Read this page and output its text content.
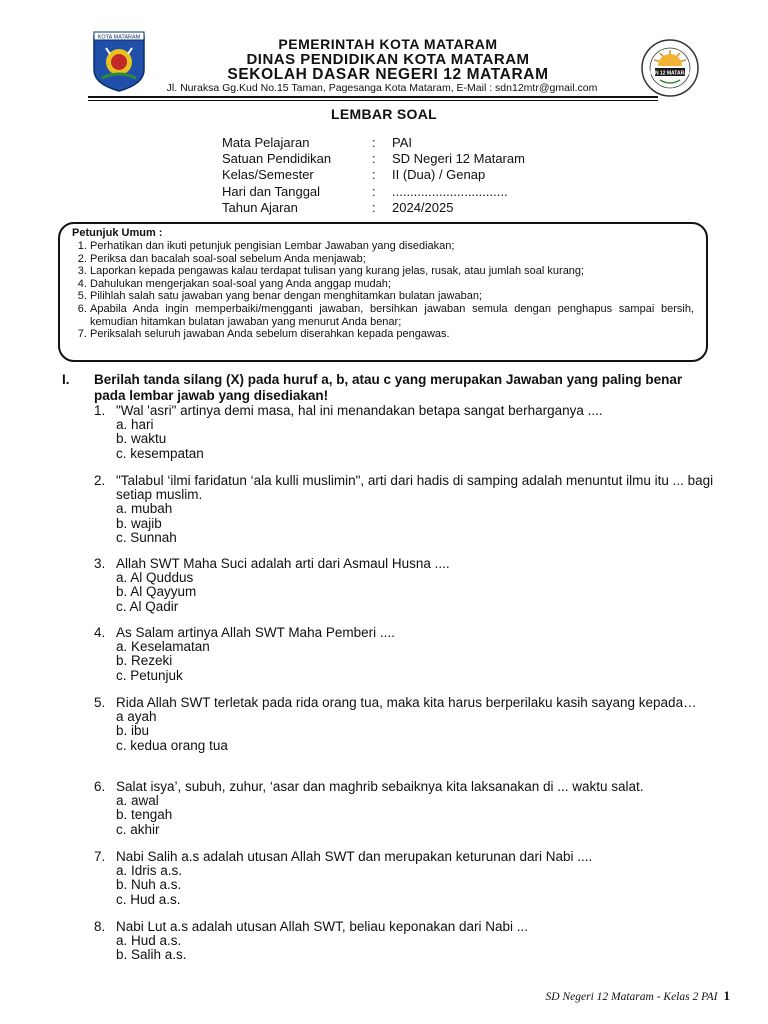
KOTA MATARAM	PEMERINTAH KOTA MATARAM
DINAS PENDIDIKAN KOTA MATARAM
SEKOLAH DASAR NEGERI 12 MATARAM
Jl. Nuraksa Gg.Kud No.15 Taman, Pagesanga Kota Mataram, E-Mail : sdn12mtr@gmail.com
SDN 12 MATARAM
LEMBAR SOAL
Mata Pelajaran	: PAI
Satuan Pendidikan	: SD Negeri 12 Mataram
Kelas/Semester	: II (Dua) / Genap
Hari dan Tanggal	: ................................
Tahun Ajaran	: 2024/2025
Petunjuk Umum :
1. Perhatikan dan ikuti petunjuk pengisian Lembar Jawaban yang disediakan;
2. Periksa dan bacalah soal-soal sebelum Anda menjawab;
3. Laporkan kepada pengawas kalau terdapat tulisan yang kurang jelas, rusak, atau jumlah soal kurang;
4. Dahulukan mengerjakan soal-soal yang Anda anggap mudah;
5. Pilihlah salah satu jawaban yang benar dengan menghitamkan bulatan jawaban;
6. Apabila Anda ingin memperbaiki/mengganti jawaban, bersihkan jawaban semula dengan penghapus sampai bersih, kemudian hitamkan bulatan jawaban yang menurut Anda benar;
7. Periksalah seluruh jawaban Anda sebelum diserahkan kepada pengawas.
I. Berilah tanda silang (X) pada huruf a, b, atau c yang merupakan Jawaban yang paling benar pada lembar jawab yang disediakan!
1. "Wal 'asri" artinya demi masa, hal ini menandakan betapa sangat berharganya ....
a. hari
b. waktu
c. kesempatan
2. "Talabul ‘ilmi faridatun ‘ala kulli muslimin", arti dari hadis di samping adalah menuntut ilmu itu ... bagi setiap muslim.
a. mubah
b. wajib
c. Sunnah
3. Allah SWT Maha Suci adalah arti dari Asmaul Husna ....
a. Al Quddus
b. Al Qayyum
c. Al Qadir
4. As Salam artinya Allah SWT Maha Pemberi ....
a. Keselamatan
b. Rezeki
c. Petunjuk
5. Rida Allah SWT terletak pada rida orang tua, maka kita harus berperilaku kasih sayang kepada…
a ayah
b. ibu
c. kedua orang tua
6. Salat isya’, subuh, zuhur, ‘asar dan maghrib sebaiknya kita laksanakan di ... waktu salat.
a. awal
b. tengah
c. akhir
7. Nabi Salih a.s adalah utusan Allah SWT dan merupakan keturunan dari Nabi ....
a. Idris a.s.
b. Nuh a.s.
c. Hud a.s.
8. Nabi Lut a.s adalah utusan Allah SWT, beliau keponakan dari Nabi ...
a. Hud a.s.
b. Salih a.s.
SD Negeri 12 Mataram - Kelas 2 PAI 1
